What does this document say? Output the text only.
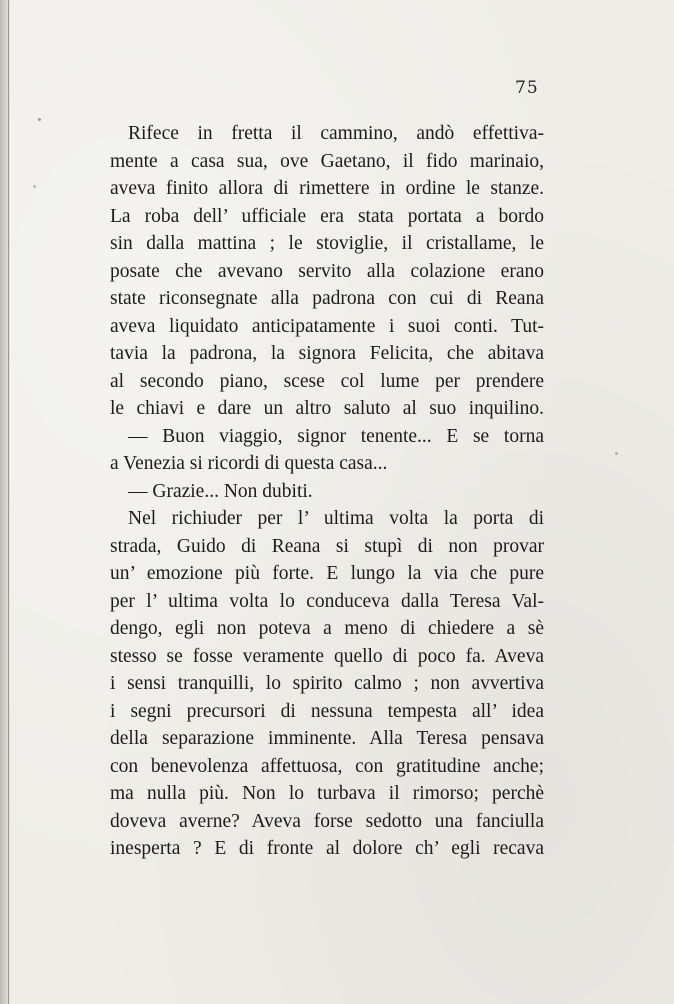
75
Rifece in fretta il cammino, andò effettiva-
mente a casa sua, ove Gaetano, il fido marinaio,
aveva finito allora di rimettere in ordine le stanze.
La roba dell’ ufficiale era stata portata a bordo
sin dalla mattina ; le stoviglie, il cristallame, le
posate che avevano servito alla colazione erano
state riconsegnate alla padrona con cui di Reana
aveva liquidato anticipatamente i suoi conti. Tut-
tavia la padrona, la signora Felicita, che abitava
al secondo piano, scese col lume per prendere
le chiavi e dare un altro saluto al suo inquilino.
— Buon viaggio, signor tenente... E se torna
a Venezia si ricordi di questa casa...
— Grazie... Non dubiti.
Nel richiuder per l’ ultima volta la porta di
strada, Guido di Reana si stupì di non provar
un’ emozione più forte. E lungo la via che pure
per l’ ultima volta lo conduceva dalla Teresa Val-
dengo, egli non poteva a meno di chiedere a sè
stesso se fosse veramente quello di poco fa. Aveva
i sensi tranquilli, lo spirito calmo ; non avvertiva
i segni precursori di nessuna tempesta all’ idea
della separazione imminente. Alla Teresa pensava
con benevolenza affettuosa, con gratitudine anche;
ma nulla più. Non lo turbava il rimorso; perchè
doveva averne? Aveva forse sedotto una fanciulla
inesperta ? E di fronte al dolore ch’ egli recava
